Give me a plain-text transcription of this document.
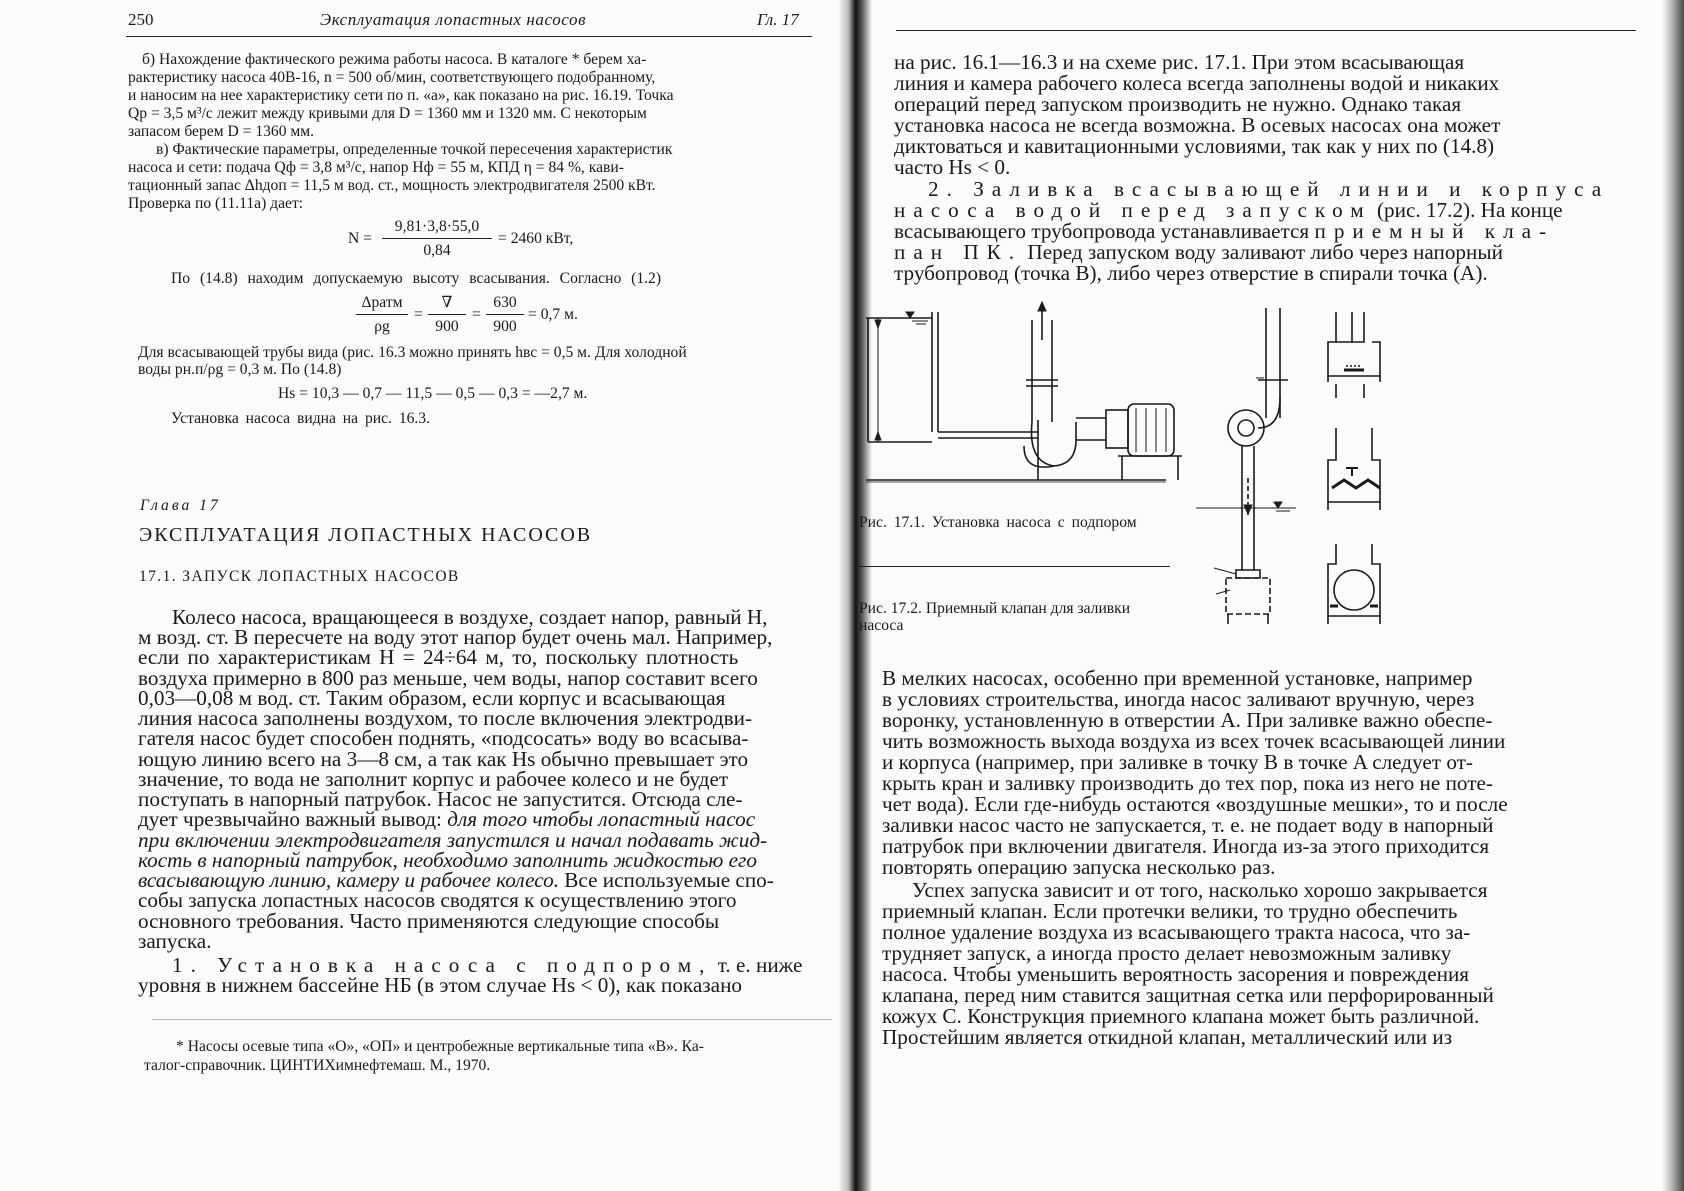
250	Эксплуатация лопастных насосов	Гл. 17
б) Нахождение фактического режима работы насоса. В каталоге * берем ха-
рактеристику насоса 40В-16, n = 500 об/мин, соответствующего подобранному,
и наносим на нее характеристику сети по п. «а», как показано на рис. 16.19. Точка
Qр = 3,5 м³/с лежит между кривыми для D = 1360 мм и 1320 мм. С некоторым
запасом берем D = 1360 мм.
в) Фактические параметры, определенные точкой пересечения характеристик
насоса и сети: подача Qф = 3,8 м³/с, напор Hф = 55 м, КПД η = 84 %, кави-
тационный запас Δhдоп = 11,5 м вод. ст., мощность электродвигателя 2500 кВт.
Проверка по (11.11а) дает:
N =
9,81·3,8·55,0
0,84
= 2460 кВт,
По (14.8) находим допускаемую высоту всасывания. Согласно (1.2)
Δpатм
ρg
=
∇
900
=
630
900
= 0,7 м.
Для всасывающей трубы вида (рис. 16.3 можно принять hвс = 0,5 м. Для холодной
воды pн.п/ρg = 0,3 м. По (14.8)
Hs = 10,3 — 0,7 — 11,5 — 0,5 — 0,3 = —2,7 м.
Установка насоса видна на рис. 16.3.
Глава 17
ЭКСПЛУАТАЦИЯ ЛОПАСТНЫХ НАСОСОВ
17.1. ЗАПУСК ЛОПАСТНЫХ НАСОСОВ
Колесо насоса, вращающееся в воздухе, создает напор, равный H,
м возд. ст. В пересчете на воду этот напор будет очень мал. Например,
если по характеристикам H = 24÷64 м, то, поскольку плотность
воздуха примерно в 800 раз меньше, чем воды, напор составит всего
0,03—0,08 м вод. ст. Таким образом, если корпус и всасывающая
линия насоса заполнены воздухом, то после включения электродви-
гателя насос будет способен поднять, «подсосать» воду во всасыва-
ющую линию всего на 3—8 см, а так как Hs обычно превышает это
значение, то вода не заполнит корпус и рабочее колесо и не будет
поступать в напорный патрубок. Насос не запустится. Отсюда сле-
дует чрезвычайно важный вывод: для того чтобы лопастный насос
при включении электродвигателя запустился и начал подавать жид-
кость в напорный патрубок, необходимо заполнить жидкостью его
всасывающую линию, камеру и рабочее колесо. Все используемые спо-
собы запуска лопастных насосов сводятся к осуществлению этого
основного требования. Часто применяются следующие способы
запуска.
1. Установка насоса с подпором, т. е. ниже
уровня в нижнем бассейне НБ (в этом случае Hs < 0), как показано
* Насосы осевые типа «О», «ОП» и центробежные вертикальные типа «В». Ка-
талог-справочник. ЦИНТИХимнефтемаш. М., 1970.
на рис. 16.1—16.3 и на схеме рис. 17.1. При этом всасывающая
линия и камера рабочего колеса всегда заполнены водой и никаких
операций перед запуском производить не нужно. Однако такая
установка насоса не всегда возможна. В осевых насосах она может
диктоваться и кавитационными условиями, так как у них по (14.8)
часто Hs < 0.
2. Заливка всасывающей линии и корпуса
насоса водой перед запуском (рис. 17.2). На конце
всасывающего трубопровода устанавливается приемный кла-
пан ПК. Перед запуском воду заливают либо через напорный
трубопровод (точка B), либо через отверстие в спирали точка (A).
Рис. 17.1. Установка насоса с подпором
Рис. 17.2. Приемный клапан для заливки
насоса
В мелких насосах, особенно при временной установке, например
в условиях строительства, иногда насос заливают вручную, через
воронку, установленную в отверстии A. При заливке важно обеспе-
чить возможность выхода воздуха из всех точек всасывающей линии
и корпуса (например, при заливке в точку B в точке A следует от-
крыть кран и заливку производить до тех пор, пока из него не поте-
чет вода). Если где-нибудь остаются «воздушные мешки», то и после
заливки насос часто не запускается, т. е. не подает воду в напорный
патрубок при включении двигателя. Иногда из-за этого приходится
повторять операцию запуска несколько раз.
Успех запуска зависит и от того, насколько хорошо закрывается
приемный клапан. Если протечки велики, то трудно обеспечить
полное удаление воздуха из всасывающего тракта насоса, что за-
трудняет запуск, а иногда просто делает невозможным заливку
насоса. Чтобы уменьшить вероятность засорения и повреждения
клапана, перед ним ставится защитная сетка или перфорированный
кожух C. Конструкция приемного клапана может быть различной.
Простейшим является откидной клапан, металлический или из
